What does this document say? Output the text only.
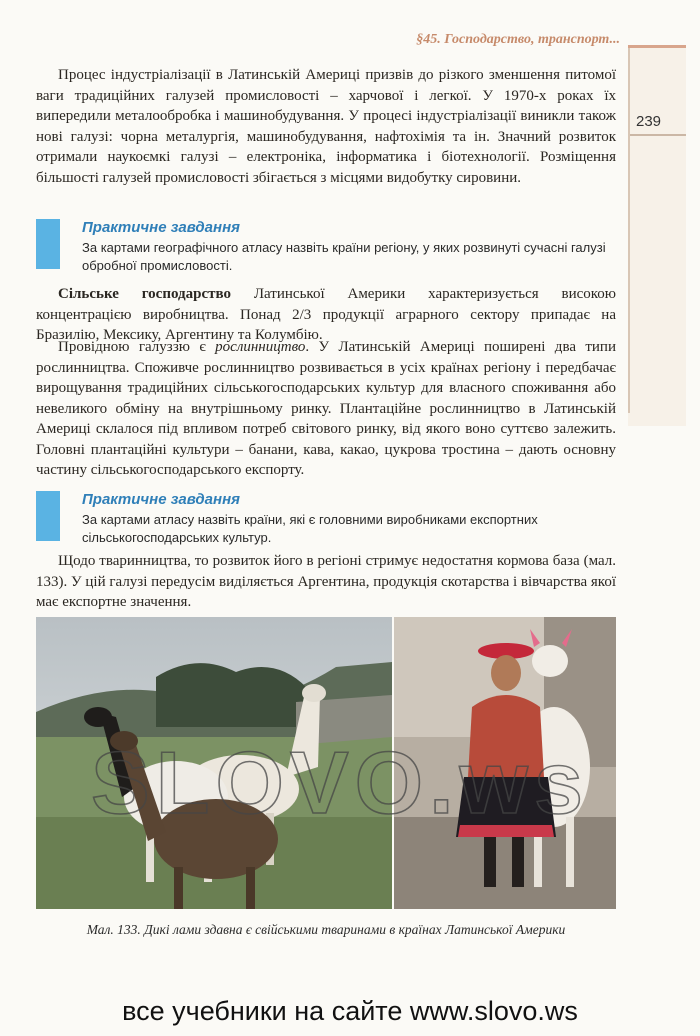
§45. Господарство, транспорт...
239
Процес індустріалізації в Латинській Америці призвів до різкого зменшення питомої ваги традиційних галузей промисловості – харчової і легкої. У 1970-х роках їх випередили металообробка і машинобудування. У процесі індустріалізації виникли також нові галузі: чорна металургія, машинобудування, нафтохімія та ін. Значний розвиток отримали наукоємкі галузі – електроніка, інформатика і біотехнології. Розміщення більшості галузей промисловості збігається з місцями видобутку сировини.
Практичне завдання
За картами географічного атласу назвіть країни регіону, у яких розвинуті сучасні галузі обробної промисловості.
Сільське господарство Латинської Америки характеризується високою концентрацією виробництва. Понад 2/3 продукції аграрного сектору припадає на Бразилію, Мексику, Аргентину та Колумбію.
Провідною галуззю є рослинництво. У Латинській Америці поширені два типи рослинництва. Споживче рослинництво розвивається в усіх країнах регіону і передбачає вирощування традиційних сільськогосподарських культур для власного споживання або невеликого обміну на внутрішньому ринку. Плантаційне рослинництво в Латинській Америці склалося під впливом потреб світового ринку, від якого воно суттєво залежить. Головні плантаційні культури – банани, кава, какао, цукрова тростина – дають основну частину сільськогосподарського експорту.
Практичне завдання
За картами атласу назвіть країни, які є головними виробниками експортних сільськогосподарських культур.
Щодо тваринництва, то розвиток його в регіоні стримує недостатня кормова база (мал. 133). У цій галузі передусім виділяється Аргентина, продукція скотарства і вівчарства якої має експортне значення.
SLOVO.ws
Мал. 133. Дикі лами здавна є свійськими тваринами в країнах Латинської Америки
все учебники на сайте www.slovo.ws
